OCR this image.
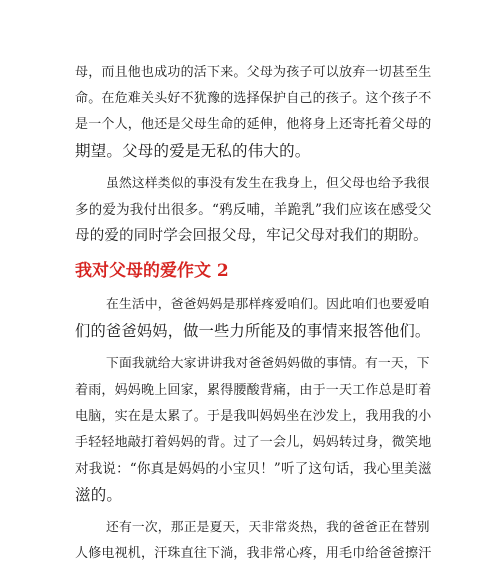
母，而且他也成功的活下来。父母为孩子可以放弃一切甚至生
命。在危难关头好不犹豫的选择保护自己的孩子。这个孩子不
是一个人，他还是父母生命的延伸，他将身上还寄托着父母的
期望。父母的爱是无私的伟大的。
虽然这样类似的事没有发生在我身上，但父母也给予我很
多的爱为我付出很多。“鸦反哺，羊跪乳”我们应该在感受父
母的爱的同时学会回报父母，牢记父母对我们的期盼。
我对父母的爱作文 2
在生活中，爸爸妈妈是那样疼爱咱们。因此咱们也要爱咱
们的爸爸妈妈，做一些力所能及的事情来报答他们。
下面我就给大家讲讲我对爸爸妈妈做的事情。有一天，下
着雨，妈妈晚上回家，累得腰酸背痛，由于一天工作总是盯着
电脑，实在是太累了。于是我叫妈妈坐在沙发上，我用我的小
手轻轻地敲打着妈妈的背。过了一会儿，妈妈转过身，微笑地
对我说：“你真是妈妈的小宝贝！”听了这句话，我心里美滋
滋的。
还有一次，那正是夏天，天非常炎热，我的爸爸正在替别
人修电视机，汗珠直往下淌，我非常心疼，用毛巾给爸爸擦汗
